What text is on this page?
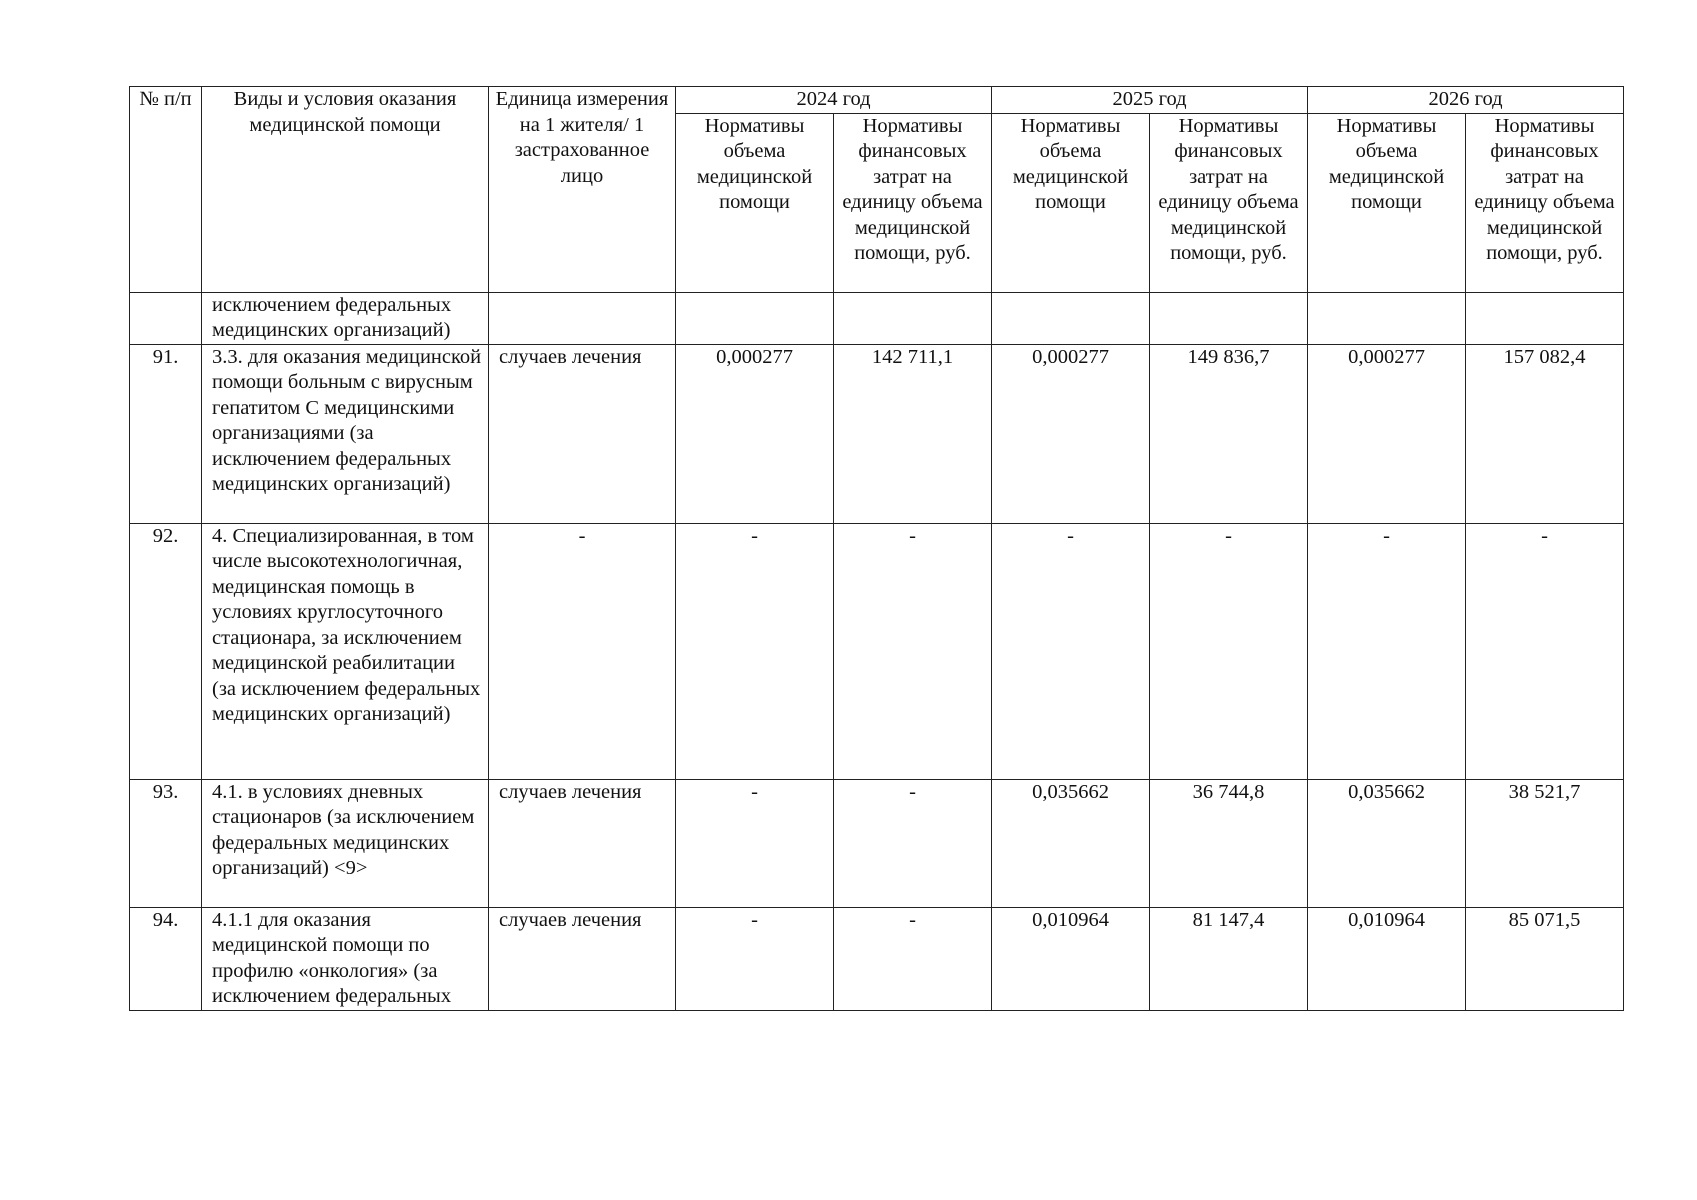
№ п/п	Виды и условия оказания медицинской помощи	Единица измерения на 1 жителя/ 1 застрахованное лицо	2024 год		2025 год		2026 год	
			Нормативы объема медицинской помощи	Нормативы финансовых затрат на единицу объема медицинской помощи, руб.	Нормативы объема медицинской помощи	Нормативы финансовых затрат на единицу объема медицинской помощи, руб.	Нормативы объема медицинской помощи	Нормативы финансовых затрат на единицу объема медицинской помощи, руб.
	исключением федеральных медицинских организаций)							
91.	3.3. для оказания медицинской помощи больным с вирусным гепатитом С медицинскими организациями (за исключением федеральных медицинских организаций)	случаев лечения	0,000277	142 711,1	0,000277	149 836,7	0,000277	157 082,4
92.	4. Специализированная, в том числе высокотехнологичная, медицинская помощь в условиях круглосуточного стационара, за исключением медицинской реабилитации (за исключением федеральных медицинских организаций)	-	-	-	-	-	-	-
93.	4.1. в условиях дневных стационаров (за исключением федеральных медицинских организаций) <9>	случаев лечения	-	-	0,035662	36 744,8	0,035662	38 521,7
94.	4.1.1 для оказания медицинской помощи по профилю «онкология» (за исключением федеральных	случаев лечения	-	-	0,010964	81 147,4	0,010964	85 071,5
